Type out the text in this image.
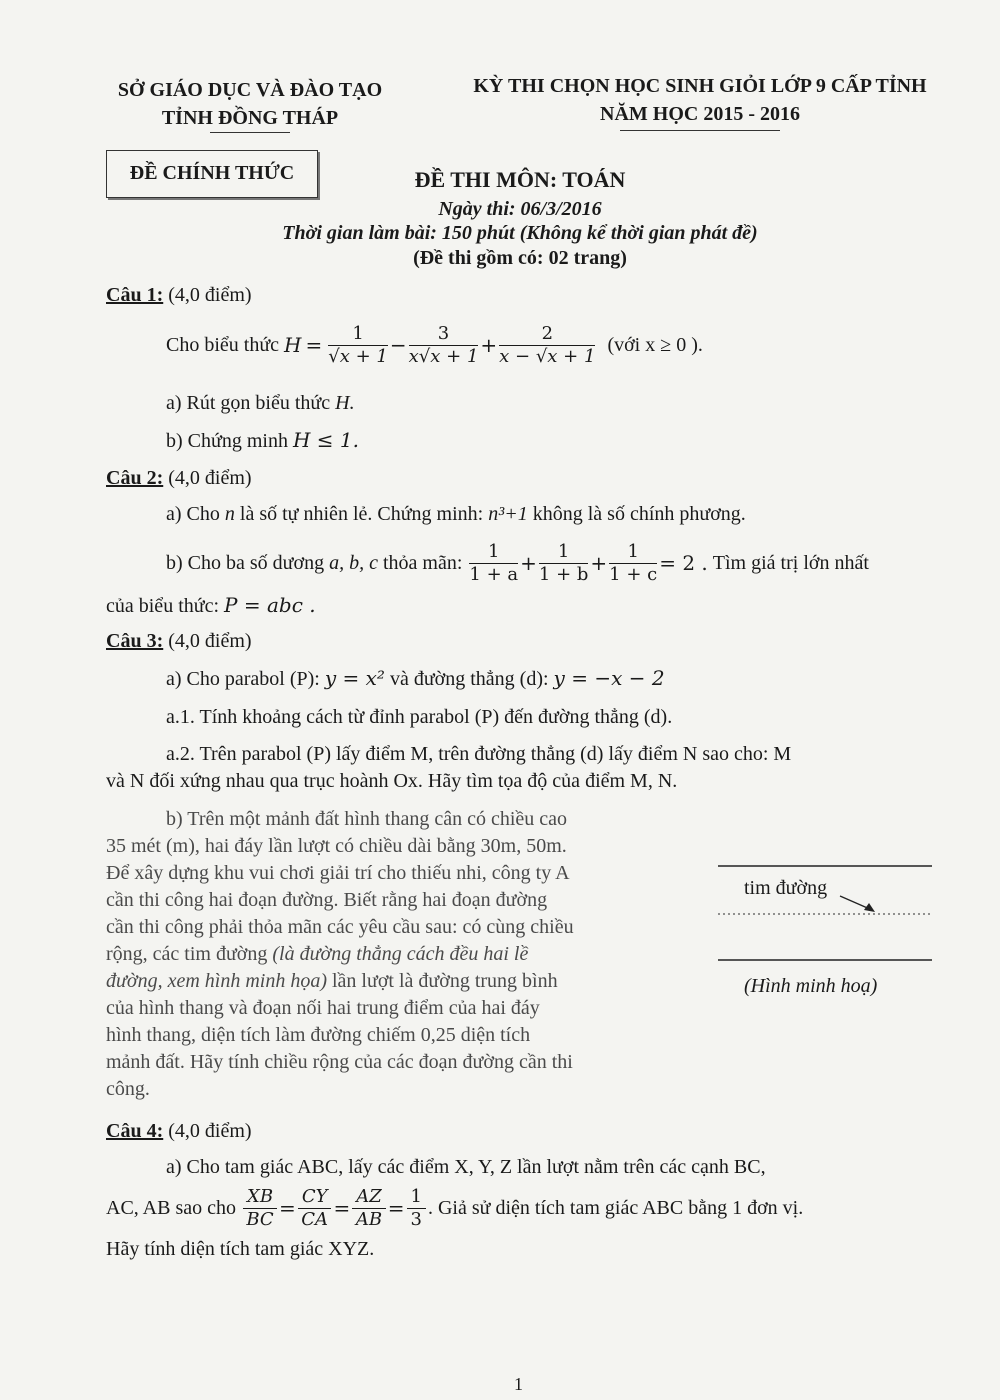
SỞ GIÁO DỤC VÀ ĐÀO TẠO
TỈNH ĐỒNG THÁP
KỲ THI CHỌN HỌC SINH GIỎI LỚP 9 CẤP TỈNH
NĂM HỌC 2015 - 2016
ĐỀ CHÍNH THỨC	ĐỀ THI MÔN: TOÁN
Ngày thi: 06/3/2016
Thời gian làm bài: 150 phút (Không kể thời gian phát đề)
(Đề thi gồm có: 02 trang)
Câu 1: (4,0 điểm)
Cho biểu thức
$H = \frac{1}{√x + 1} - \frac{3}{x√x + 1} + \frac{2}{x - √x + 1}$
(với x ≥ 0 ).
a) Rút gọn biểu thức H.
b) Chứng minh H ≤ 1.
Câu 2: (4,0 điểm)
a) Cho n là số tự nhiên lẻ. Chứng minh: n³+1 không là số chính phương.
b) Cho ba số dương
a, b, c
thỏa mãn:
$\frac{1}{1 + a} + \frac{1}{1 + b} + \frac{1}{1 + c} = 2$ .
Tìm giá trị lớn nhất
của biểu thức: P = abc .
Câu 3: (4,0 điểm)
a) Cho parabol (P): y = x² và đường thẳng (d): y = −x − 2
a.1. Tính khoảng cách từ đỉnh parabol (P) đến đường thẳng (d).
a.2. Trên parabol (P) lấy điểm M, trên đường thẳng (d) lấy điểm N sao cho: M
và N đối xứng nhau qua trục hoành Ox. Hãy tìm tọa độ của điểm M, N.
b) Trên một mảnh đất hình thang cân có chiều cao
35 mét (m), hai đáy lần lượt có chiều dài bằng 30m, 50m.
Để xây dựng khu vui chơi giải trí cho thiếu nhi, công ty A
cần thi công hai đoạn đường. Biết rằng hai đoạn đường
cần thi công phải thỏa mãn các yêu cầu sau: có cùng chiều
rộng, các tim đường (là đường thẳng cách đều hai lề
đường, xem hình minh họa) lần lượt là đường trung bình
của hình thang và đoạn nối hai trung điểm của hai đáy
hình thang, diện tích làm đường chiếm 0,25 diện tích
mảnh đất. Hãy tính chiều rộng của các đoạn đường cần thi
công.
tim đường
(Hình minh hoạ)
Câu 4: (4,0 điểm)
a) Cho tam giác ABC, lấy các điểm X, Y, Z lần lượt nằm trên các cạnh BC,
AC, AB sao cho
$\frac{XB}{BC} = \frac{CY}{CA} = \frac{AZ}{AB} = \frac{1}{3}$ . Giả sử diện tích tam giác ABC bằng 1 đơn vị.
Hãy tính diện tích tam giác XYZ.
1
